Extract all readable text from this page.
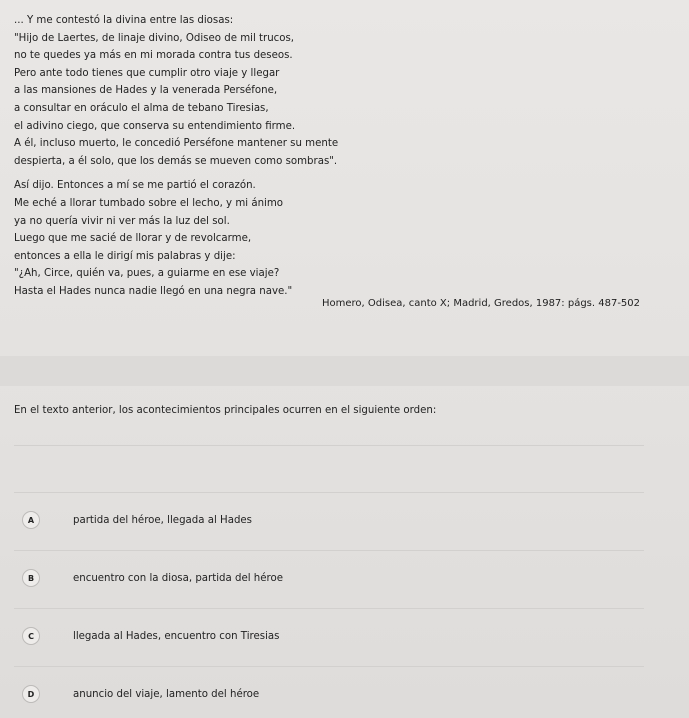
... Y me contestó la divina entre las diosas:
"Hijo de Laertes, de linaje divino, Odiseo de mil trucos,
no te quedes ya más en mi morada contra tus deseos.
Pero ante todo tienes que cumplir otro viaje y llegar
a las mansiones de Hades y la venerada Perséfone,
a consultar en oráculo el alma de tebano Tiresias,
el adivino ciego, que conserva su entendimiento firme.
A él, incluso muerto, le concedió Perséfone mantener su mente
despierta, a él solo, que los demás se mueven como sombras".
Así dijo. Entonces a mí se me partió el corazón.
Me eché a llorar tumbado sobre el lecho, y mi ánimo
ya no quería vivir ni ver más la luz del sol.
Luego que me sacié de llorar y de revolcarme,
entonces a ella le dirigí mis palabras y dije:
"¿Ah, Circe, quién va, pues, a guiarme en ese viaje?
Hasta el Hades nunca nadie llegó en una negra nave."
Homero, Odisea, canto X; Madrid, Gredos, 1987: págs. 487-502
En el texto anterior, los acontecimientos principales ocurren en el siguiente orden:
A	partida del héroe, llegada al Hades
B	encuentro con la diosa, partida del héroe
C	llegada al Hades, encuentro con Tiresias
D	anuncio del viaje, lamento del héroe
